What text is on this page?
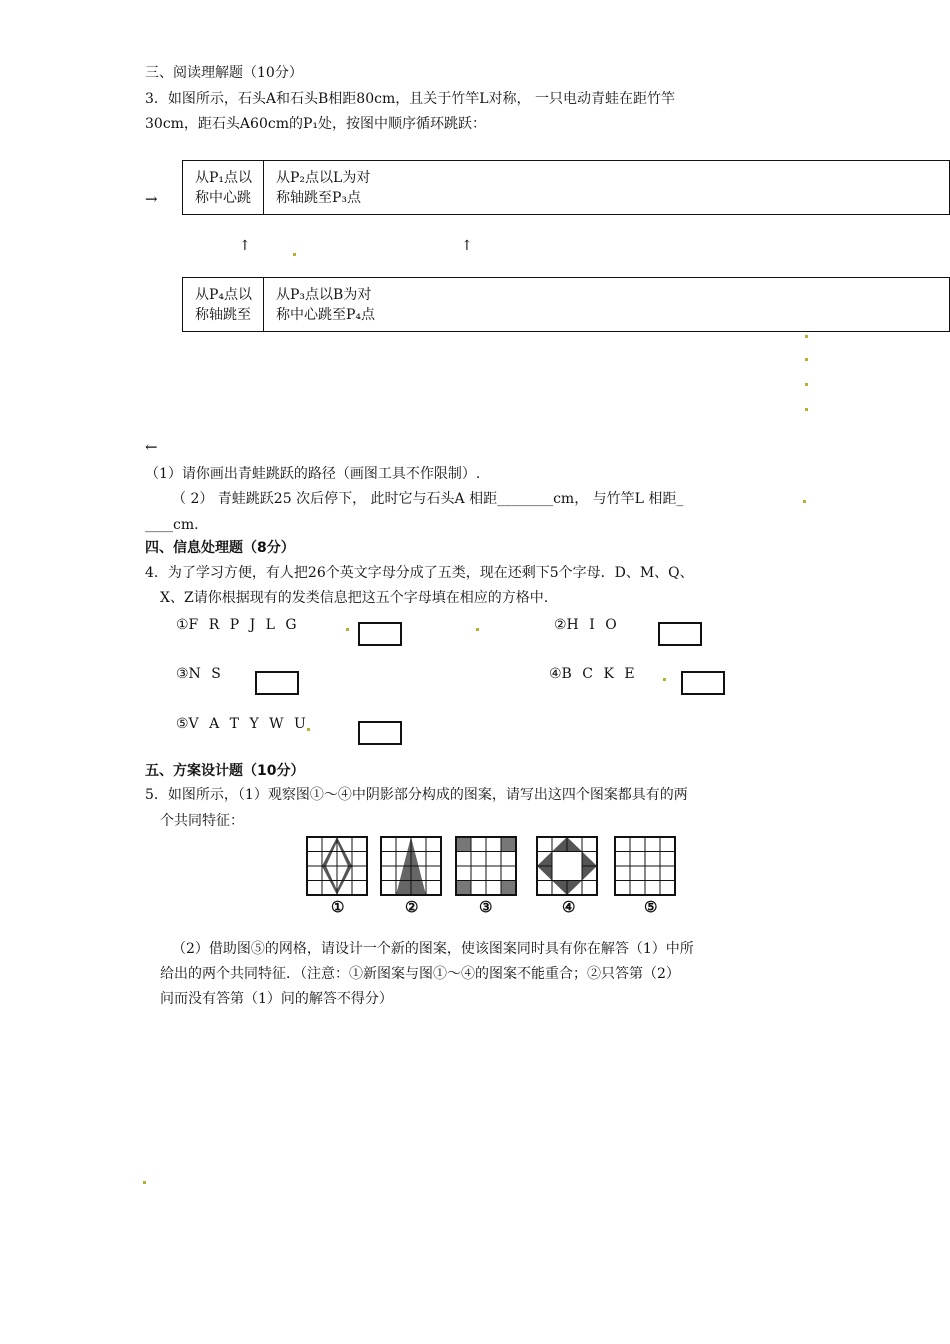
三、阅读理解题（10分）
3．如图所示，石头A和石头B相距80cm，且关于竹竿L对称， 一只电动青蛙在距竹竿
30cm，距石头A60cm的P₁处，按图中顺序循环跳跃：
→
从P₁点以
称中心跳
从P₂点以L为对
称轴跳至P₃点
↑	↑
从P₄点以
称轴跳至
从P₃点以B为对
称中心跳至P₄点
←
（1）请你画出青蛙跳跃的路径（画图工具不作限制）.
（ 2） 青蛙跳跃25 次后停下， 此时它与石头A 相距________cm， 与竹竿L 相距_
____cm.
四、信息处理题（8分）
4．为了学习方便，有人把26个英文字母分成了五类，现在还剩下5个字母．D、M、Q、
X、Z请你根据现有的发类信息把这五个字母填在相应的方格中.
①F R P J L G	②H I O
③N S	④B C K E
⑤V A T Y W U
五、方案设计题（10分）
5．如图所示，（1）观察图①～④中阴影部分构成的图案，请写出这四个图案都具有的两
个共同特征：
①	②	③	④	⑤
（2）借助图⑤的网格，请设计一个新的图案，使该图案同时具有你在解答（1）中所
给出的两个共同特征．（注意：①新图案与图①～④的图案不能重合；②只答第（2）
问而没有答第（1）问的解答不得分）
